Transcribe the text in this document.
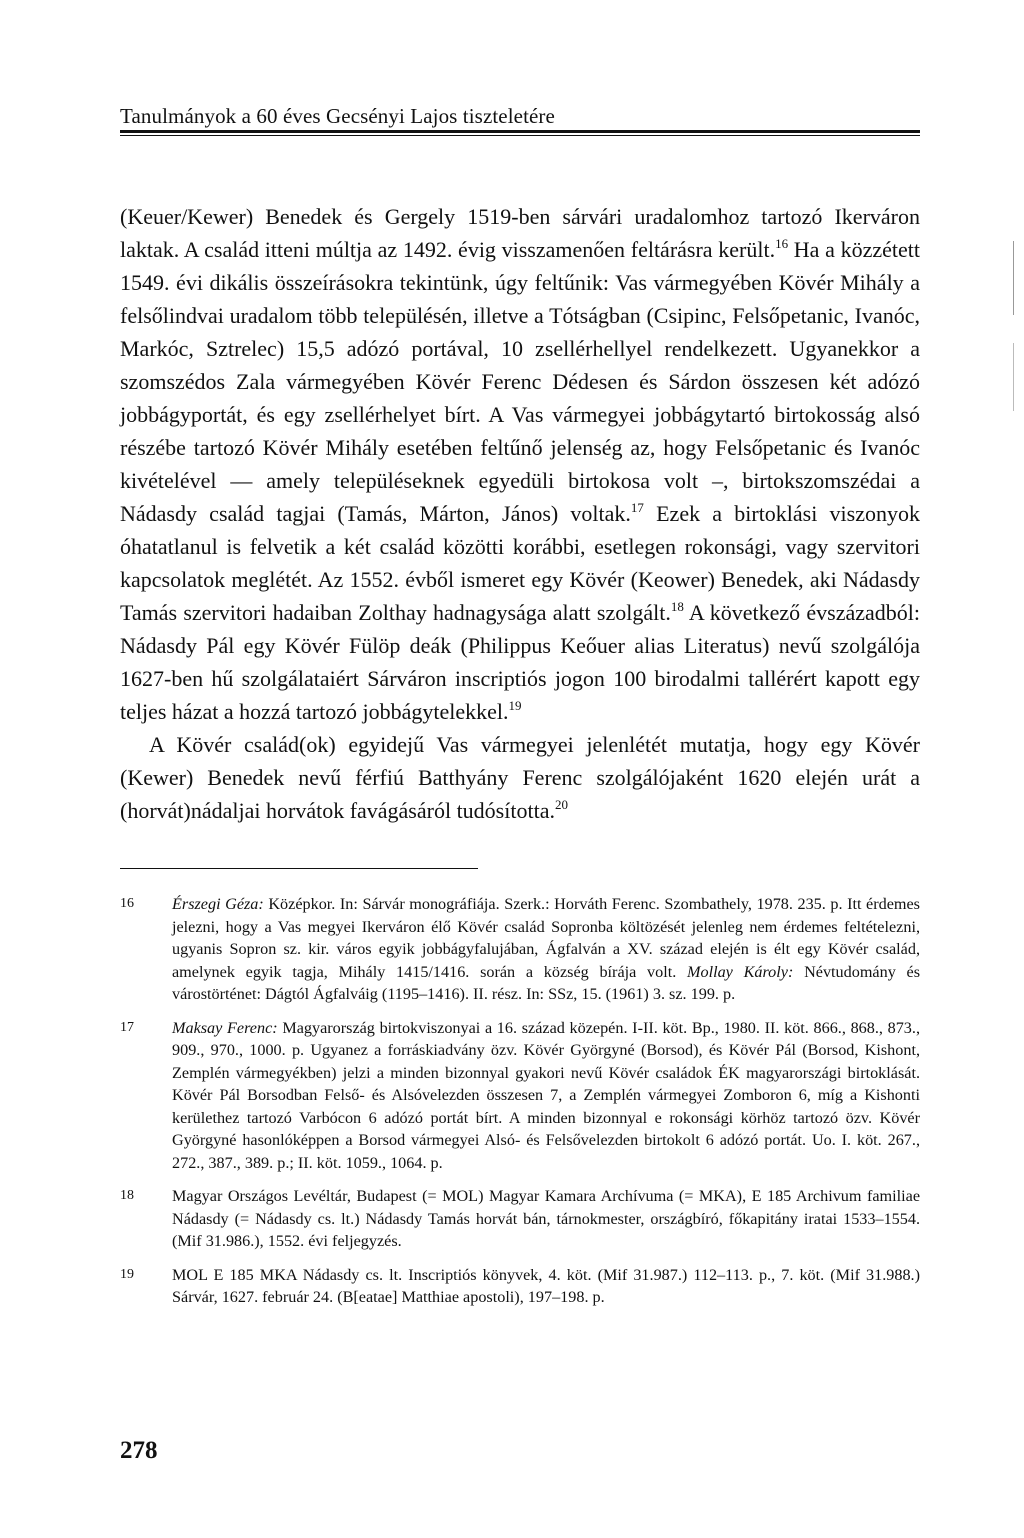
Tanulmányok a 60 éves Gecsényi Lajos tiszteletére

(Keuer/Kewer) Benedek és Gergely 1519-ben sárvári uradalomhoz tartozó Ikerváron laktak. A család itteni múltja az 1492. évig visszamenően feltárásra került.$^{16}$ Ha a közzétett 1549. évi dikális összeírásokra tekintünk, úgy feltűnik: Vas vármegyében Kövér Mihály a felsőlindvai uradalom több településén, illetve a Tótságban (Csipinc, Felsőpetanic, Ivanóc, Markóc, Sztrelec) 15,5 adózó portával, 10 zsellérhellyel rendelkezett. Ugyanekkor a szomszédos Zala vármegyében Kövér Ferenc Dédesen és Sárdon összesen két adózó jobbágyportát, és egy zsellérhelyet bírt. A Vas vármegyei jobbágytartó birtokosság alsó részébe tartozó Kövér Mihály esetében feltűnő jelenség az, hogy Felsőpetanic és Ivanóc kivételével — amely településeknek egyedüli birtokosa volt –, birtokszomszédai a Nádasdy család tagjai (Tamás, Márton, János) voltak.$^{17}$ Ezek a birtoklási viszonyok óhatatlanul is felvetik a két család közötti korábbi, esetlegen rokonsági, vagy szervitori kapcsolatok meglétét. Az 1552. évből ismeret egy Kövér (Keower) Benedek, aki Nádasdy Tamás szervitori hadaiban Zolthay hadnagysága alatt szolgált.$^{18}$ A következő évszázadból: Nádasdy Pál egy Kövér Fülöp deák (Philippus Keőuer alias Literatus) nevű szolgálója 1627-ben hű szolgálataiért Sárváron inscriptiós jogon 100 birodalmi tallérért kapott egy teljes házat a hozzá tartozó jobbágytelekkel.$^{19}$

A Kövér család(ok) egyidejű Vas vármegyei jelenlétét mutatja, hogy egy Kövér (Kewer) Benedek nevű férfiú Batthyány Ferenc szolgálójaként 1620 elején urát a (horvát)nádaljai horvátok favágásáról tudósította.$^{20}$

16 Érszegi Géza: Középkor. In: Sárvár monográfiája. Szerk.: Horváth Ferenc. Szombathely, 1978. 235. p. Itt érdemes jelezni, hogy a Vas megyei Ikerváron élő Kövér család Sopronba költözését jelenleg nem érdemes feltételezni, ugyanis Sopron sz. kir. város egyik jobbágyfalujában, Ágfalván a XV. század elején is élt egy Kövér család, amelynek egyik tagja, Mihály 1415/1416. során a község bírája volt. Mollay Károly: Névtudomány és várostörténet: Dágtól Ágfalváig (1195–1416). II. rész. In: SSz, 15. (1961) 3. sz. 199. p.
17 Maksay Ferenc: Magyarország birtokviszonyai a 16. század közepén. I-II. köt. Bp., 1980. II. köt. 866., 868., 873., 909., 970., 1000. p. Ugyanez a forráskiadvány özv. Kövér Györgyné (Borsod), és Kövér Pál (Borsod, Kishont, Zemplén vármegyékben) jelzi a minden bizonnyal gyakori nevű Kövér családok ÉK magyarországi birtoklását. Kövér Pál Borsodban Felső- és Alsóvelezden összesen 7, a Zemplén vármegyei Zomboron 6, míg a Kishonti kerülethez tartozó Varbócon 6 adózó portát bírt. A minden bizonnyal e rokonsági körhöz tartozó özv. Kövér Györgyné hasonlóképpen a Borsod vármegyei Alsó- és Felsővelezden birtokolt 6 adózó portát. Uo. I. köt. 267., 272., 387., 389. p.; II. köt. 1059., 1064. p.
18 Magyar Országos Levéltár, Budapest (= MOL) Magyar Kamara Archívuma (= MKA), E 185 Archivum familiae Nádasdy (= Nádasdy cs. lt.) Nádasdy Tamás horvát bán, tárnokmester, országbíró, főkapitány iratai 1533–1554. (Mif 31.986.), 1552. évi feljegyzés.
19 MOL E 185 MKA Nádasdy cs. lt. Inscriptiós könyvek, 4. köt. (Mif 31.987.) 112–113. p., 7. köt. (Mif 31.988.) Sárvár, 1627. február 24. (B[eatae] Matthiae apostoli), 197–198. p.
278
